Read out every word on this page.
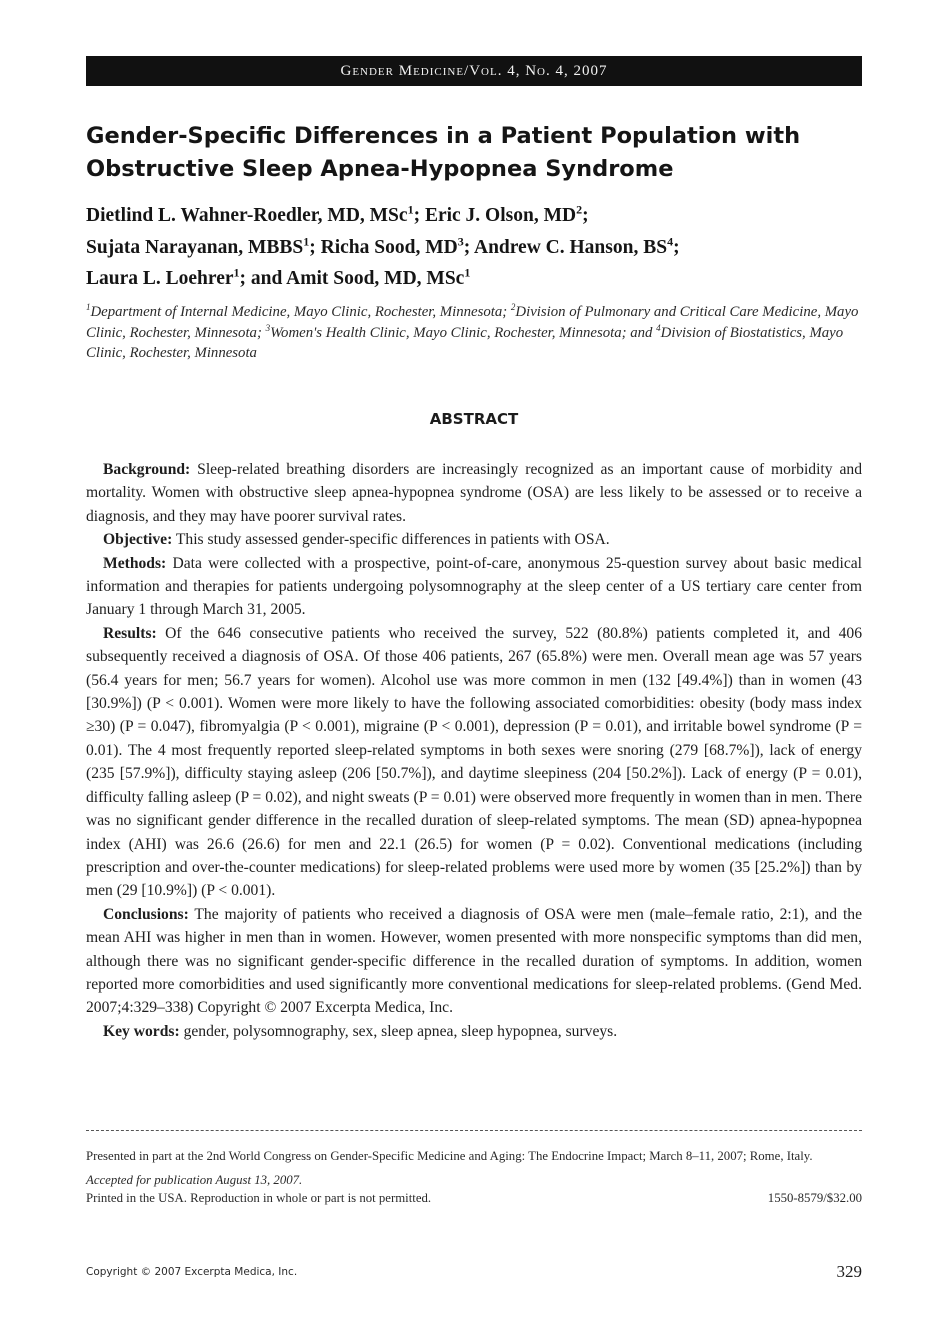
Gender Medicine/Vol. 4, No. 4, 2007
Gender-Specific Differences in a Patient Population with
Obstructive Sleep Apnea-Hypopnea Syndrome

Dietlind L. Wahner-Roedler, MD, MSc$^1$; Eric J. Olson, $MD^2$;
Sujata Narayanan, MBBS$^1$; Richa Sood, $MD^3$; Andrew C. Hanson, $BS^4$;
Laura L. Loehrer$^1$; and Amit Sood, MD, MSc$^1$

$^1$Department of Internal Medicine, Mayo Clinic, Rochester, Minnesota; $^2$Division of Pulmonary and Critical Care Medicine, Mayo Clinic, Rochester, Minnesota; $^3$Women's Health Clinic, Mayo Clinic, Rochester, Minnesota; and $^4$Division of Biostatistics, Mayo Clinic, Rochester, Minnesota

ABSTRACT

Background: Sleep-related breathing disorders are increasingly recognized as an important cause of morbidity and mortality. Women with obstructive sleep apnea-hypopnea syndrome (OSA) are less likely to be assessed or to receive a diagnosis, and they may have poorer survival rates.

Objective: This study assessed gender-specific differences in patients with OSA.

Methods: Data were collected with a prospective, point-of-care, anonymous 25-question survey about basic medical information and therapies for patients undergoing polysomnography at the sleep center of a US tertiary care center from January 1 through March 31, 2005.

Results: Of the 646 consecutive patients who received the survey, 522 (80.8%) patients completed it, and 406 subsequently received a diagnosis of OSA. Of those 406 patients, 267 (65.8%) were men. Overall mean age was 57 years (56.4 years for men; 56.7 years for women). Alcohol use was more common in men (132 [49.4%]) than in women (43 [30.9%]) (P < 0.001). Women were more likely to have the following associated comorbidities: obesity (body mass index ≥30) (P = 0.047), fibromyalgia (P < 0.001), migraine (P < 0.001), depression (P = 0.01), and irritable bowel syndrome (P = 0.01). The 4 most frequently reported sleep-related symptoms in both sexes were snoring (279 [68.7%]), lack of energy (235 [57.9%]), difficulty staying asleep (206 [50.7%]), and daytime sleepiness (204 [50.2%]). Lack of energy (P = 0.01), difficulty falling asleep (P = 0.02), and night sweats (P = 0.01) were observed more frequently in women than in men. There was no significant gender difference in the recalled duration of sleep-related symptoms. The mean (SD) apnea-hypopnea index (AHI) was 26.6 (26.6) for men and 22.1 (26.5) for women (P = 0.02). Conventional medications (including prescription and over-the-counter medications) for sleep-related problems were used more by women (35 [25.2%]) than by men (29 [10.9%]) (P < 0.001).

Conclusions: The majority of patients who received a diagnosis of OSA were men (male–female ratio, 2:1), and the mean AHI was higher in men than in women. However, women presented with more nonspecific symptoms than did men, although there was no significant gender-specific difference in the recalled duration of symptoms. In addition, women reported more comorbidities and used significantly more conventional medications for sleep-related problems. (Gend Med. 2007;4:329–338) Copyright © 2007 Excerpta Medica, Inc.

Key words: gender, polysomnography, sex, sleep apnea, sleep hypopnea, surveys.

Presented in part at the 2nd World Congress on Gender-Specific Medicine and Aging: The Endocrine Impact; March 8–11, 2007; Rome, Italy.

Accepted for publication August 13, 2007.

Printed in the USA. Reproduction in whole or part is not permitted.	1550-8579/$32.00
Copyright © 2007 Excerpta Medica, Inc.	329
